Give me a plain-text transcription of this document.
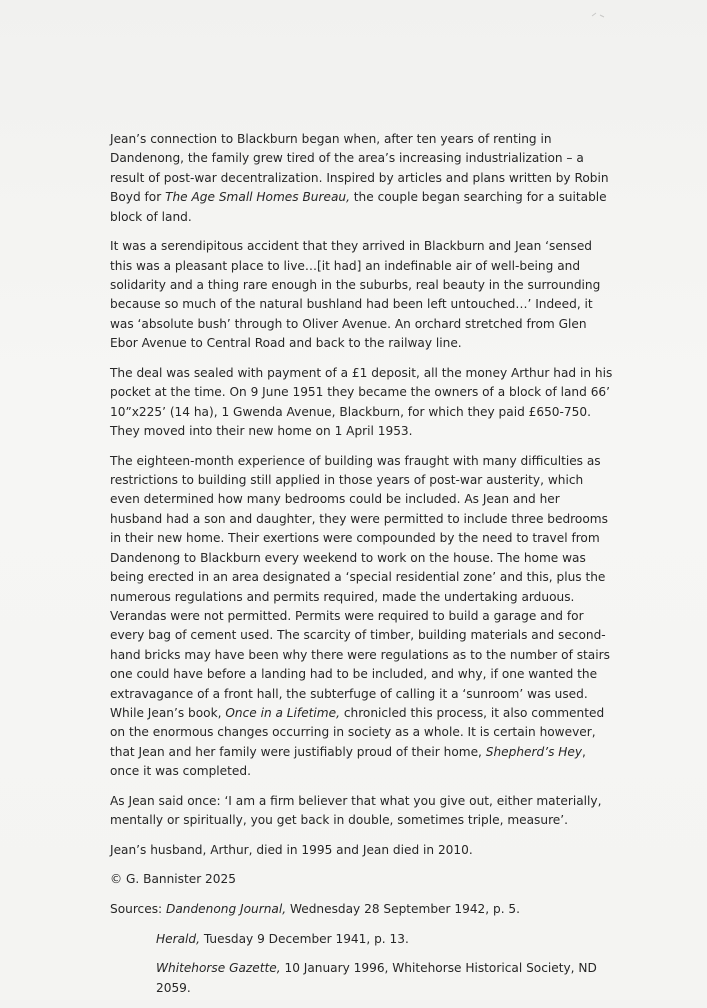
Jean’s connection to Blackburn began when, after ten years of renting in Dandenong, the family grew tired of the area’s increasing industrialization – a result of post-war decentralization. Inspired by articles and plans written by Robin Boyd for The Age Small Homes Bureau, the couple began searching for a suitable block of land.

It was a serendipitous accident that they arrived in Blackburn and Jean ‘sensed this was a pleasant place to live…[it had] an indefinable air of well-being and solidarity and a thing rare enough in the suburbs, real beauty in the surrounding because so much of the natural bushland had been left untouched…’ Indeed, it was ‘absolute bush’ through to Oliver Avenue. An orchard stretched from Glen Ebor Avenue to Central Road and back to the railway line.

The deal was sealed with payment of a £1 deposit, all the money Arthur had in his pocket at the time. On 9 June 1951 they became the owners of a block of land 66’ 10”x225’ (14 ha), 1 Gwenda Avenue, Blackburn, for which they paid £650-750. They moved into their new home on 1 April 1953.

The eighteen-month experience of building was fraught with many difficulties as restrictions to building still applied in those years of post-war austerity, which even determined how many bedrooms could be included. As Jean and her husband had a son and daughter, they were permitted to include three bedrooms in their new home. Their exertions were compounded by the need to travel from Dandenong to Blackburn every weekend to work on the house. The home was being erected in an area designated a ‘special residential zone’ and this, plus the numerous regulations and permits required, made the undertaking arduous. Verandas were not permitted. Permits were required to build a garage and for every bag of cement used. The scarcity of timber, building materials and second-hand bricks may have been why there were regulations as to the number of stairs one could have before a landing had to be included, and why, if one wanted the extravagance of a front hall, the subterfuge of calling it a ‘sunroom’ was used. While Jean’s book, Once in a Lifetime, chronicled this process, it also commented on the enormous changes occurring in society as a whole. It is certain however, that Jean and her family were justifiably proud of their home, Shepherd’s Hey, once it was completed.

As Jean said once: ‘I am a firm believer that what you give out, either materially, mentally or spiritually, you get back in double, sometimes triple, measure’.

Jean’s husband, Arthur, died in 1995 and Jean died in 2010.

© G. Bannister 2025

Sources: Dandenong Journal, Wednesday 28 September 1942, p. 5.

Herald, Tuesday 9 December 1941, p. 13.

Whitehorse Gazette, 10 January 1996, Whitehorse Historical Society, ND 2059.
